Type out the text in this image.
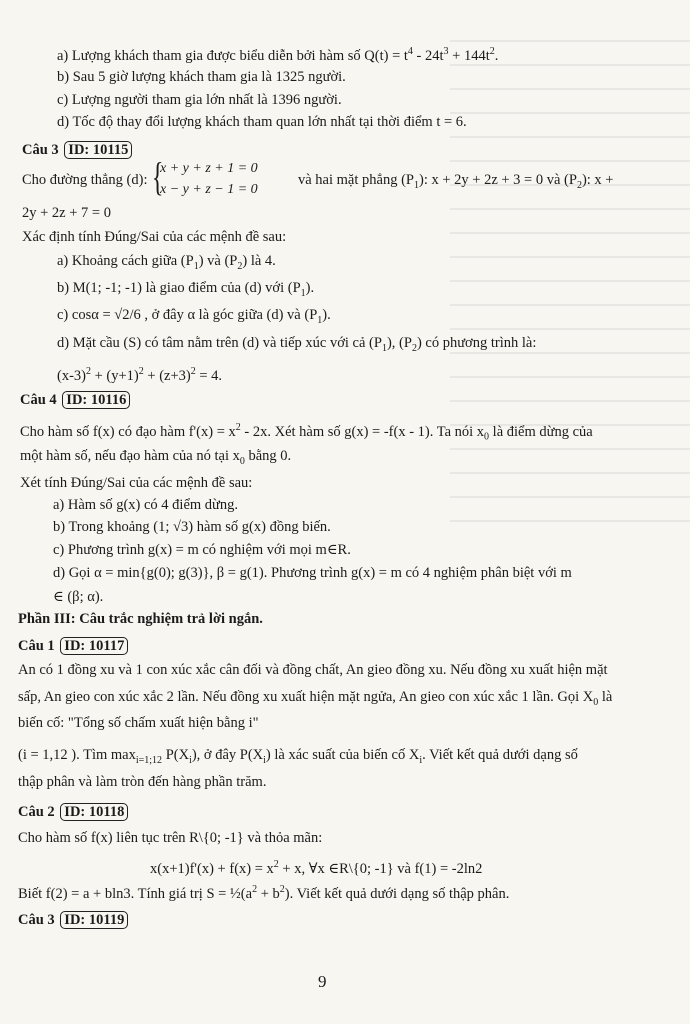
a) Lượng khách tham gia được biểu diễn bởi hàm số $Q(t) = t^4 - 24t^3 + 144t^2$.
b) Sau 5 giờ lượng khách tham gia là 1325 người.
c) Lượng người tham gia lớn nhất là 1396 người.
d) Tốc độ thay đổi lượng khách tham quan lớn nhất tại thời điểm t = 6.
Câu 3 ID: 10115
Cho đường thẳng (d): {
x + y + z + 1 = 0
x − y + z − 1 = 0
và hai mặt phẳng $(P_1)$: x + 2y + 2z + 3 = 0 và $(P_2)$: x +
2y + 2z + 7 = 0
Xác định tính Đúng/Sai của các mệnh đề sau:
a) Khoảng cách giữa $(P_1)$ và $(P_2)$ là 4.
b) M(1; -1; -1) là giao điểm của (d) với $(P_1)$.
c) cosα = √2/6 , ở đây α là góc giữa (d) và $(P_1)$.
d) Mặt cầu (S) có tâm nằm trên (d) và tiếp xúc với cả $(P_1)$, $(P_2)$ có phương trình là:
$(x-3)^2 + (y+1)^2 + (z+3)^2 = 4$.
Câu 4 ID: 10116
Cho hàm số f(x) có đạo hàm $f'(x) = x^2 - 2x$. Xét hàm số g(x) = -f(x - 1). Ta nói $x_0$ là điểm dừng của
một hàm số, nếu đạo hàm của nó tại $x_0$ bằng 0.
Xét tính Đúng/Sai của các mệnh đề sau:
a) Hàm số g(x) có 4 điểm dừng.
b) Trong khoảng (1; √3) hàm số g(x) đồng biến.
c) Phương trình g(x) = m có nghiệm với mọi m∈R.
d) Gọi α = min{g(0); g(3)}, β = g(1). Phương trình g(x) = m có 4 nghiệm phân biệt với m
∈ (β; α).
Phần III: Câu trắc nghiệm trả lời ngắn.
Câu 1 ID: 10117
An có 1 đồng xu và 1 con xúc xắc cân đối và đồng chất, An gieo đồng xu. Nếu đồng xu xuất hiện mặt
sấp, An gieo con xúc xắc 2 lần. Nếu đồng xu xuất hiện mặt ngửa, An gieo con xúc xắc 1 lần. Gọi $X_0$ là
biến cố: "Tổng số chấm xuất hiện bằng i"
(i = 1,12 ). Tìm $\max_{i=1;12} P(X_i)$, ở đây $P(X_i)$ là xác suất của biến cố $X_i$. Viết kết quả dưới dạng số
thập phân và làm tròn đến hàng phần trăm.
Câu 2 ID: 10118
Cho hàm số f(x) liên tục trên R\{0; -1} và thỏa mãn:
$x(x+1)f'(x) + f(x) = x^2 + x$, ∀x ∈R\{0; -1} và f(1) = -2ln2
Biết f(2) = a + bln3. Tính giá trị $S = \frac{1}{2}(a^2 + b^2)$. Viết kết quả dưới dạng số thập phân.
Câu 3 ID: 10119
9
